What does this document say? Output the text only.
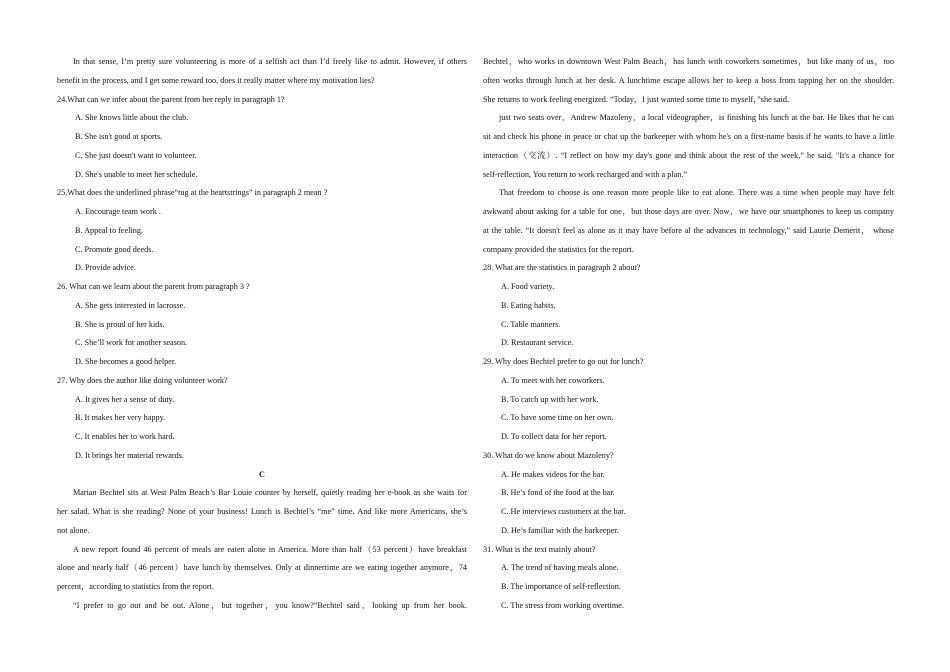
In that sense, I’m pretty sure volunteering is more of a selfish act than I’d freely like to admit. However, if others
benefit in the process, and I get some reward too, does it really matter where my motivation lies?
24.What can we infer about the parent from her reply in paragraph 1?
A. She knows little about the club.
B. She isn't good at sports.
C. She just doesn't want to volunteer.
D. She's unable to meet her schedule.
25.What does the underlined phrase“tug at the heartstrings” in paragraph 2 mean ?
A. Encourage team work .
B. Appeal to feeling.
C. Promote good deeds.
D. Provide advice.
26. What can we learn about the parent from paragraph 3 ?
A. She gets interested in lacrosse.
B. She is proud of her kids.
C. She’ll work for another season.
D. She becomes a good helper.
27. Why does the author like doing volunteer work?
A. It gives her a sense of duty.
B. It makes her very happy.
C. It enables her to work hard.
D. It brings her material rewards.
C
Marian Bechtel sits at West Palm Beach’s Bar Louie counter by herself, quietly reading her e-book as she waits for
her salad. What is she reading? None of your business! Lunch is Bechtel’s “me” time. And like more Americans, she’s
not alone.
A new report found 46 percent of meals are eaten alone in America. More than half（53 percent）have breakfast
alone and nearly half（46 percent）have lunch by themselves. Only at dinnertime are we eating together anymore，74
percent，according to statistics from the report.
“I prefer to go out and be out. Alone，but together，you know?”Bechtel said，looking up from her book.
Bechtel，who works in downtown West Palm Beach，has lunch with coworkers sometimes，but like many of us，too
often works through lunch at her desk. A lunchtime escape allows her to keep a boss from tapping her on the shoulder.
She returns to work feeling energized. “Today，I just wanted some time to myself，”she said.
just two seats over，Andrew Mazoleny，a local videographer，is finishing his lunch at the bar. He likes that he can
sit and check his phone in peace or chat up the barkeeper with whom he's on a first-name basis if he wants to have a little
interaction（交流）. “I reflect on how my day's gone and think about the rest of the week,” he said. "It's a chance for
self-reflection, You return to work recharged and with a plan.”
That freedom to choose is one reason more people like to eat alone. There was a time when people may have felt
awkward about asking for a table for one，but those days are over. Now，we have our smartphones to keep us company
at the table. “It doesn't feel as alone as it may have before al the advances in technology,” said Laurie Demerit， whose
company provided the statistics for the report.
28. What are the statistics in paragraph 2 about?
A. Food variety.
B. Eating habits.
C. Table manners.
D. Restaurant service.
29. Why does Bechtel prefer to go out for lunch?
A. To meet with her coworkers.
B. To catch up with her work.
C. To have some time on her own.
D. To collect data for her report.
30. What do we know about Mazoleny?
A. He makes videos for the bar.
B. He’s fond of the food at the bar.
C. He interviews customers at the bar.
D. He’s familiar with the barkeeper.
31. What is the text mainly about?
A. The trend of having meals alone.
B. The importance of self-reflection.
C. The stress from working overtime.
